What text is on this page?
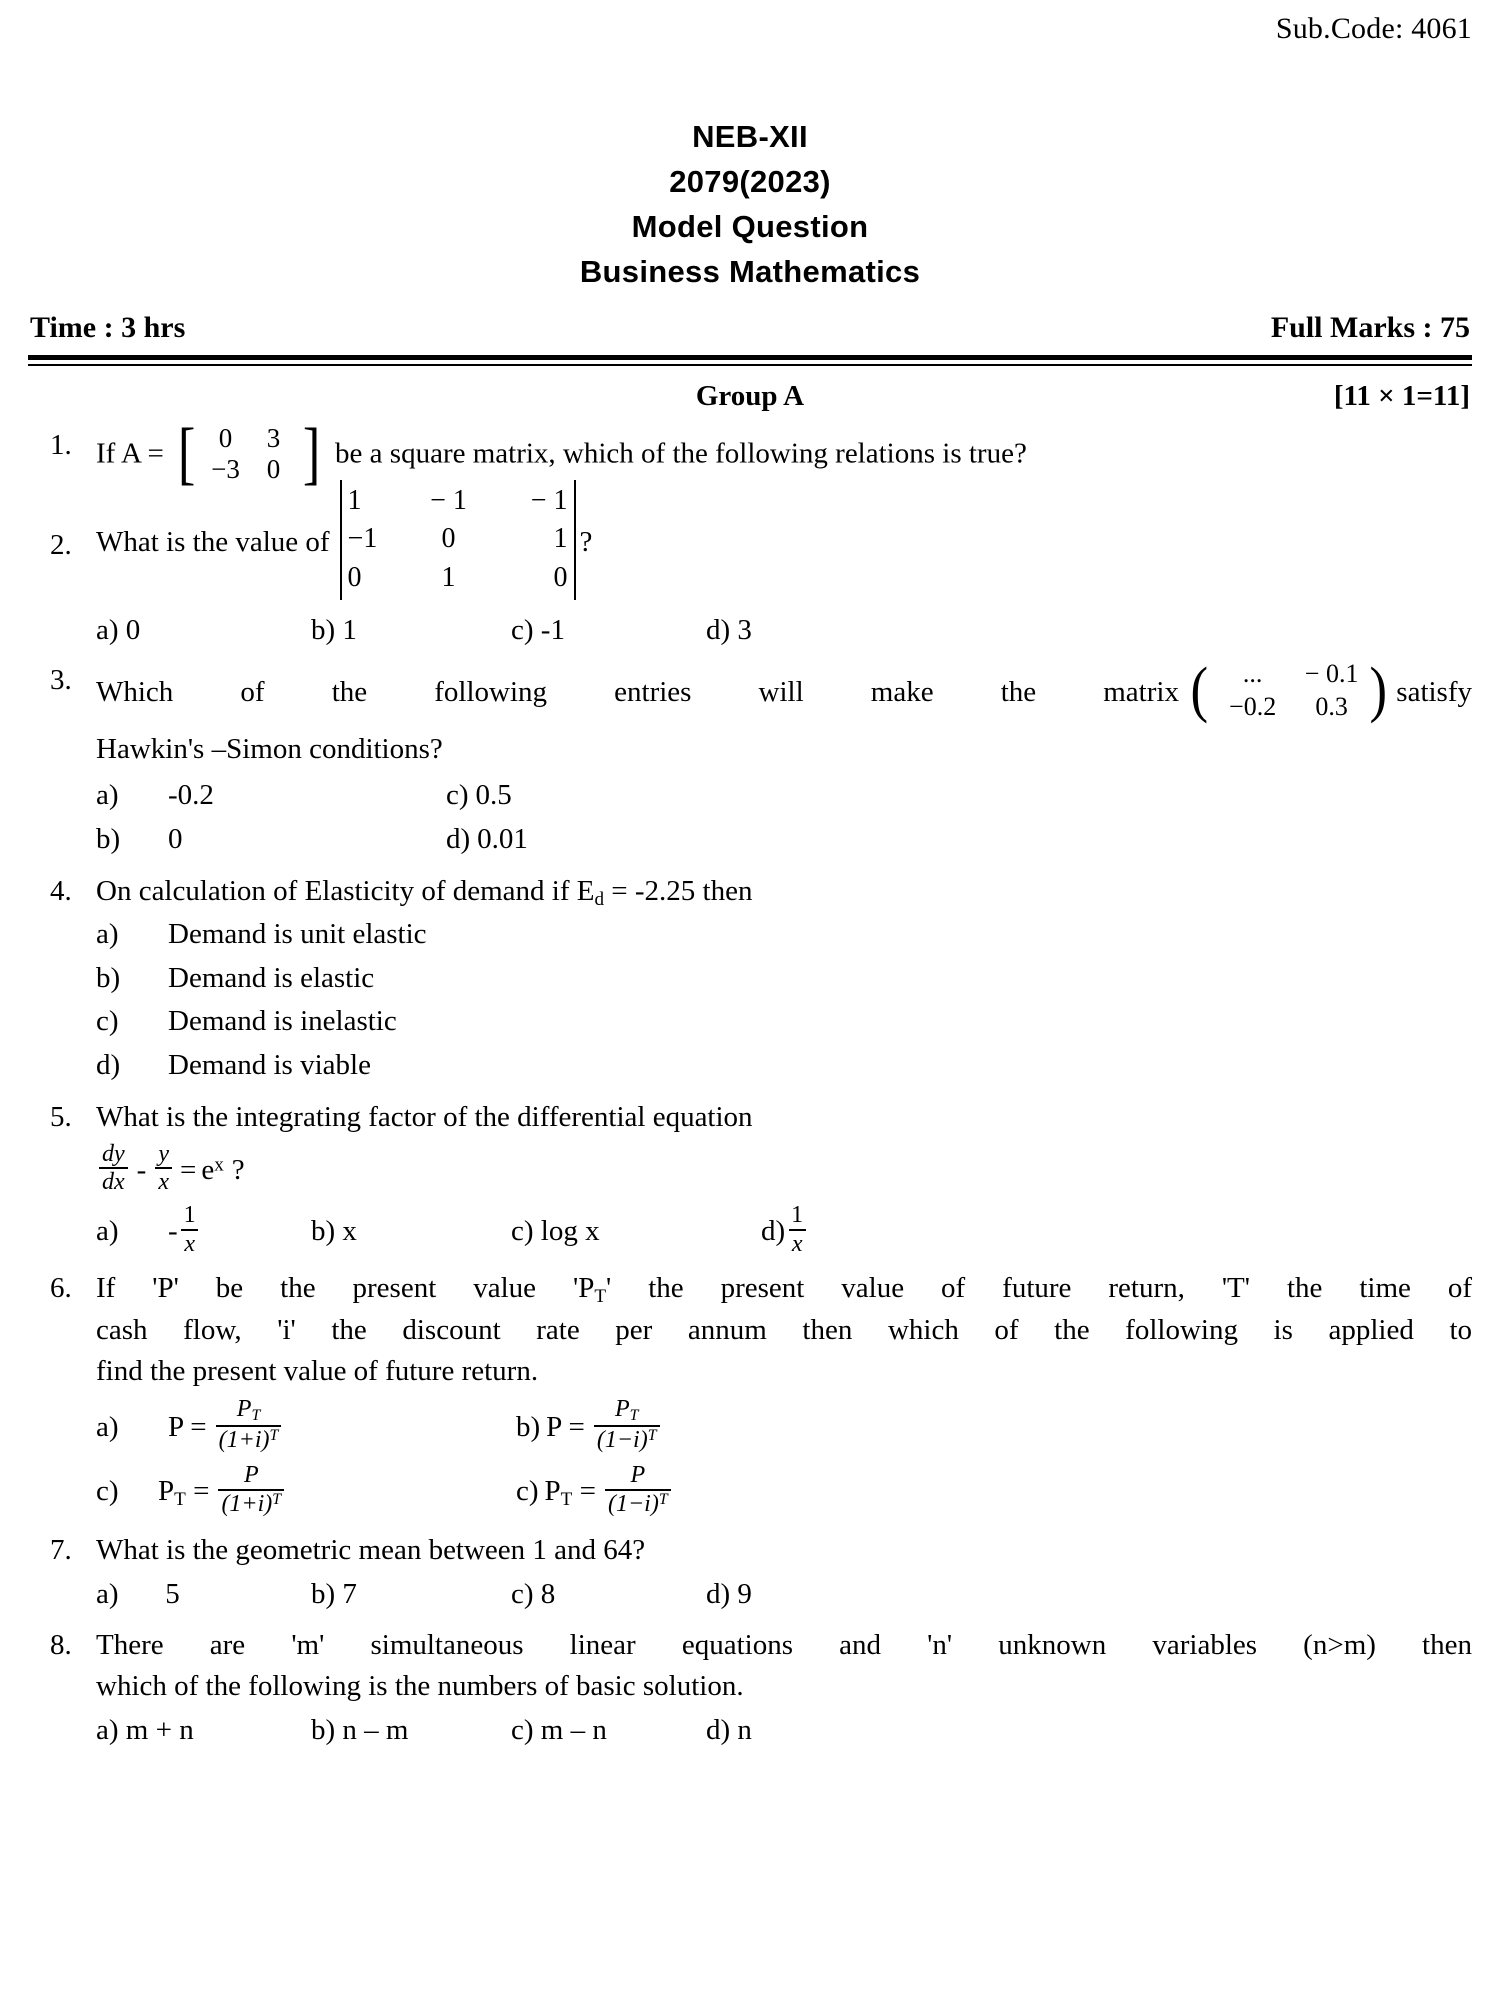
Sub.Code: 4061
NEB-XII
2079(2023)
Model Question
Business Mathematics
Time : 3 hrs	Full Marks : 75
Group A	[11 × 1=11]
1. If A = [ 0	3
−3 0 ] be a square matrix, which of the following relations is true?
2. What is the value of
1	− 1	− 1
−1	0	1
0	1	0
?
a) 0	b) 1	c) -1	d) 3
3. Which of the following entries will make the matrix (	...	− 0.1
−0.2	0.3 ) satisfy
Hawkin's –Simon conditions?
a)	-0.2
b)	0
c) 0.5
d) 0.01
4. On calculation of Elasticity of demand if $E_d = -2.25$ then
a)	Demand is unit elastic
b)	Demand is elastic
c)	Demand is inelastic
d)	Demand is viable
5. What is the integrating factor of the differential equation
$\frac{dy}{dx} - \frac{y}{x} = e^x$ ?
a)	- $\frac{1}{x}$	b) x	c) log x	$d) \frac{1}{x}$
6. If 'P' be the present value '$P_T$' the present value of future return, 'T' the time of
cash flow, 'i' the discount rate per annum then which of the following is applied to
find the present value of future return.
a)	$P = \frac{P_T}{(1+i)^T}$	b) $P = \frac{P_T}{(1-i)^T}$
c)	$P_T = \frac{P}{(1+i)^T}$	c) $P_T = \frac{P}{(1-i)^T}$
7. What is the geometric mean between 1 and 64?
a) 5	b) 7	c) 8	d) 9
8. There are 'm' simultaneous linear equations and 'n' unknown variables (n>m) then
which of the following is the numbers of basic solution.
a) m + n	b) n – m	c) m – n	d) n
